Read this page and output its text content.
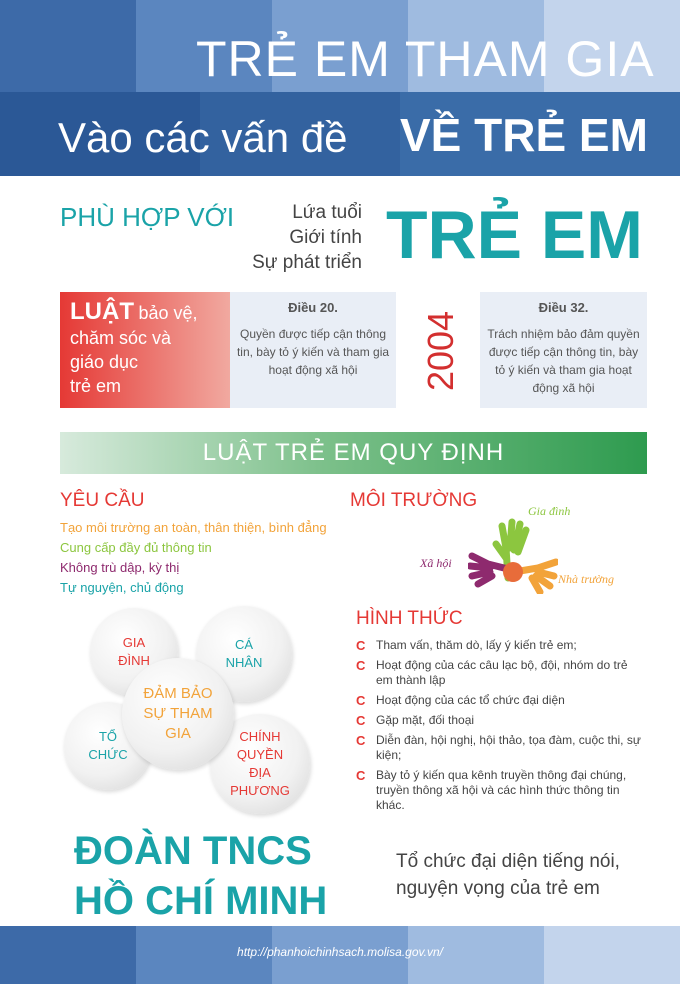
TRẺ EM THAM GIA
Vào các vấn đề VỀ TRẺ EM
PHÙ HỢP VỚI	Lứa tuổi
Giới tính
Sự phát triển TRẺ EM
LUẬT bảo vệ,
chăm sóc và
giáo dục
trẻ em
Điều 20.
Quyền được tiếp cận thông tin, bày tỏ ý kiến và tham gia hoạt động xã hội	2004
Điều 32.
Trách nhiệm bảo đảm quyền được tiếp cận thông tin, bày tỏ ý kiến và tham gia hoạt động xã hội
LUẬT TRẺ EM QUY ĐỊNH
YÊU CẦU
Tạo môi trường an toàn, thân thiện, bình đẳng
Cung cấp đầy đủ thông tin
Không trù dập, kỳ thị
Tự nguyện, chủ động
MÔI TRƯỜNG	Gia đình
Xã hội
Nhà trường
GIA ĐÌNH
CÁ NHÂN
TỔ CHỨC
CHÍNH QUYỀN ĐỊA PHƯƠNG
ĐẢM BẢO SỰ THAM GIA
HÌNH THỨC
C Tham vấn, thăm dò, lấy ý kiến trẻ em;
C Hoạt động của các câu lạc bộ, đội, nhóm do trẻ em thành lập
C Hoạt động của các tổ chức đại diện
C Gặp mặt, đối thoại
C Diễn đàn, hội nghị, hội thảo, tọa đàm, cuộc thi, sự kiện;
C Bày tỏ ý kiến qua kênh truyền thông đại chúng, truyền thông xã hội và các hình thức thông tin khác.
ĐOÀN TNCS
HỒ CHÍ MINH
Tổ chức đại diện tiếng nói, nguyện vọng của trẻ em
http://phanhoichinhsach.molisa.gov.vn/
